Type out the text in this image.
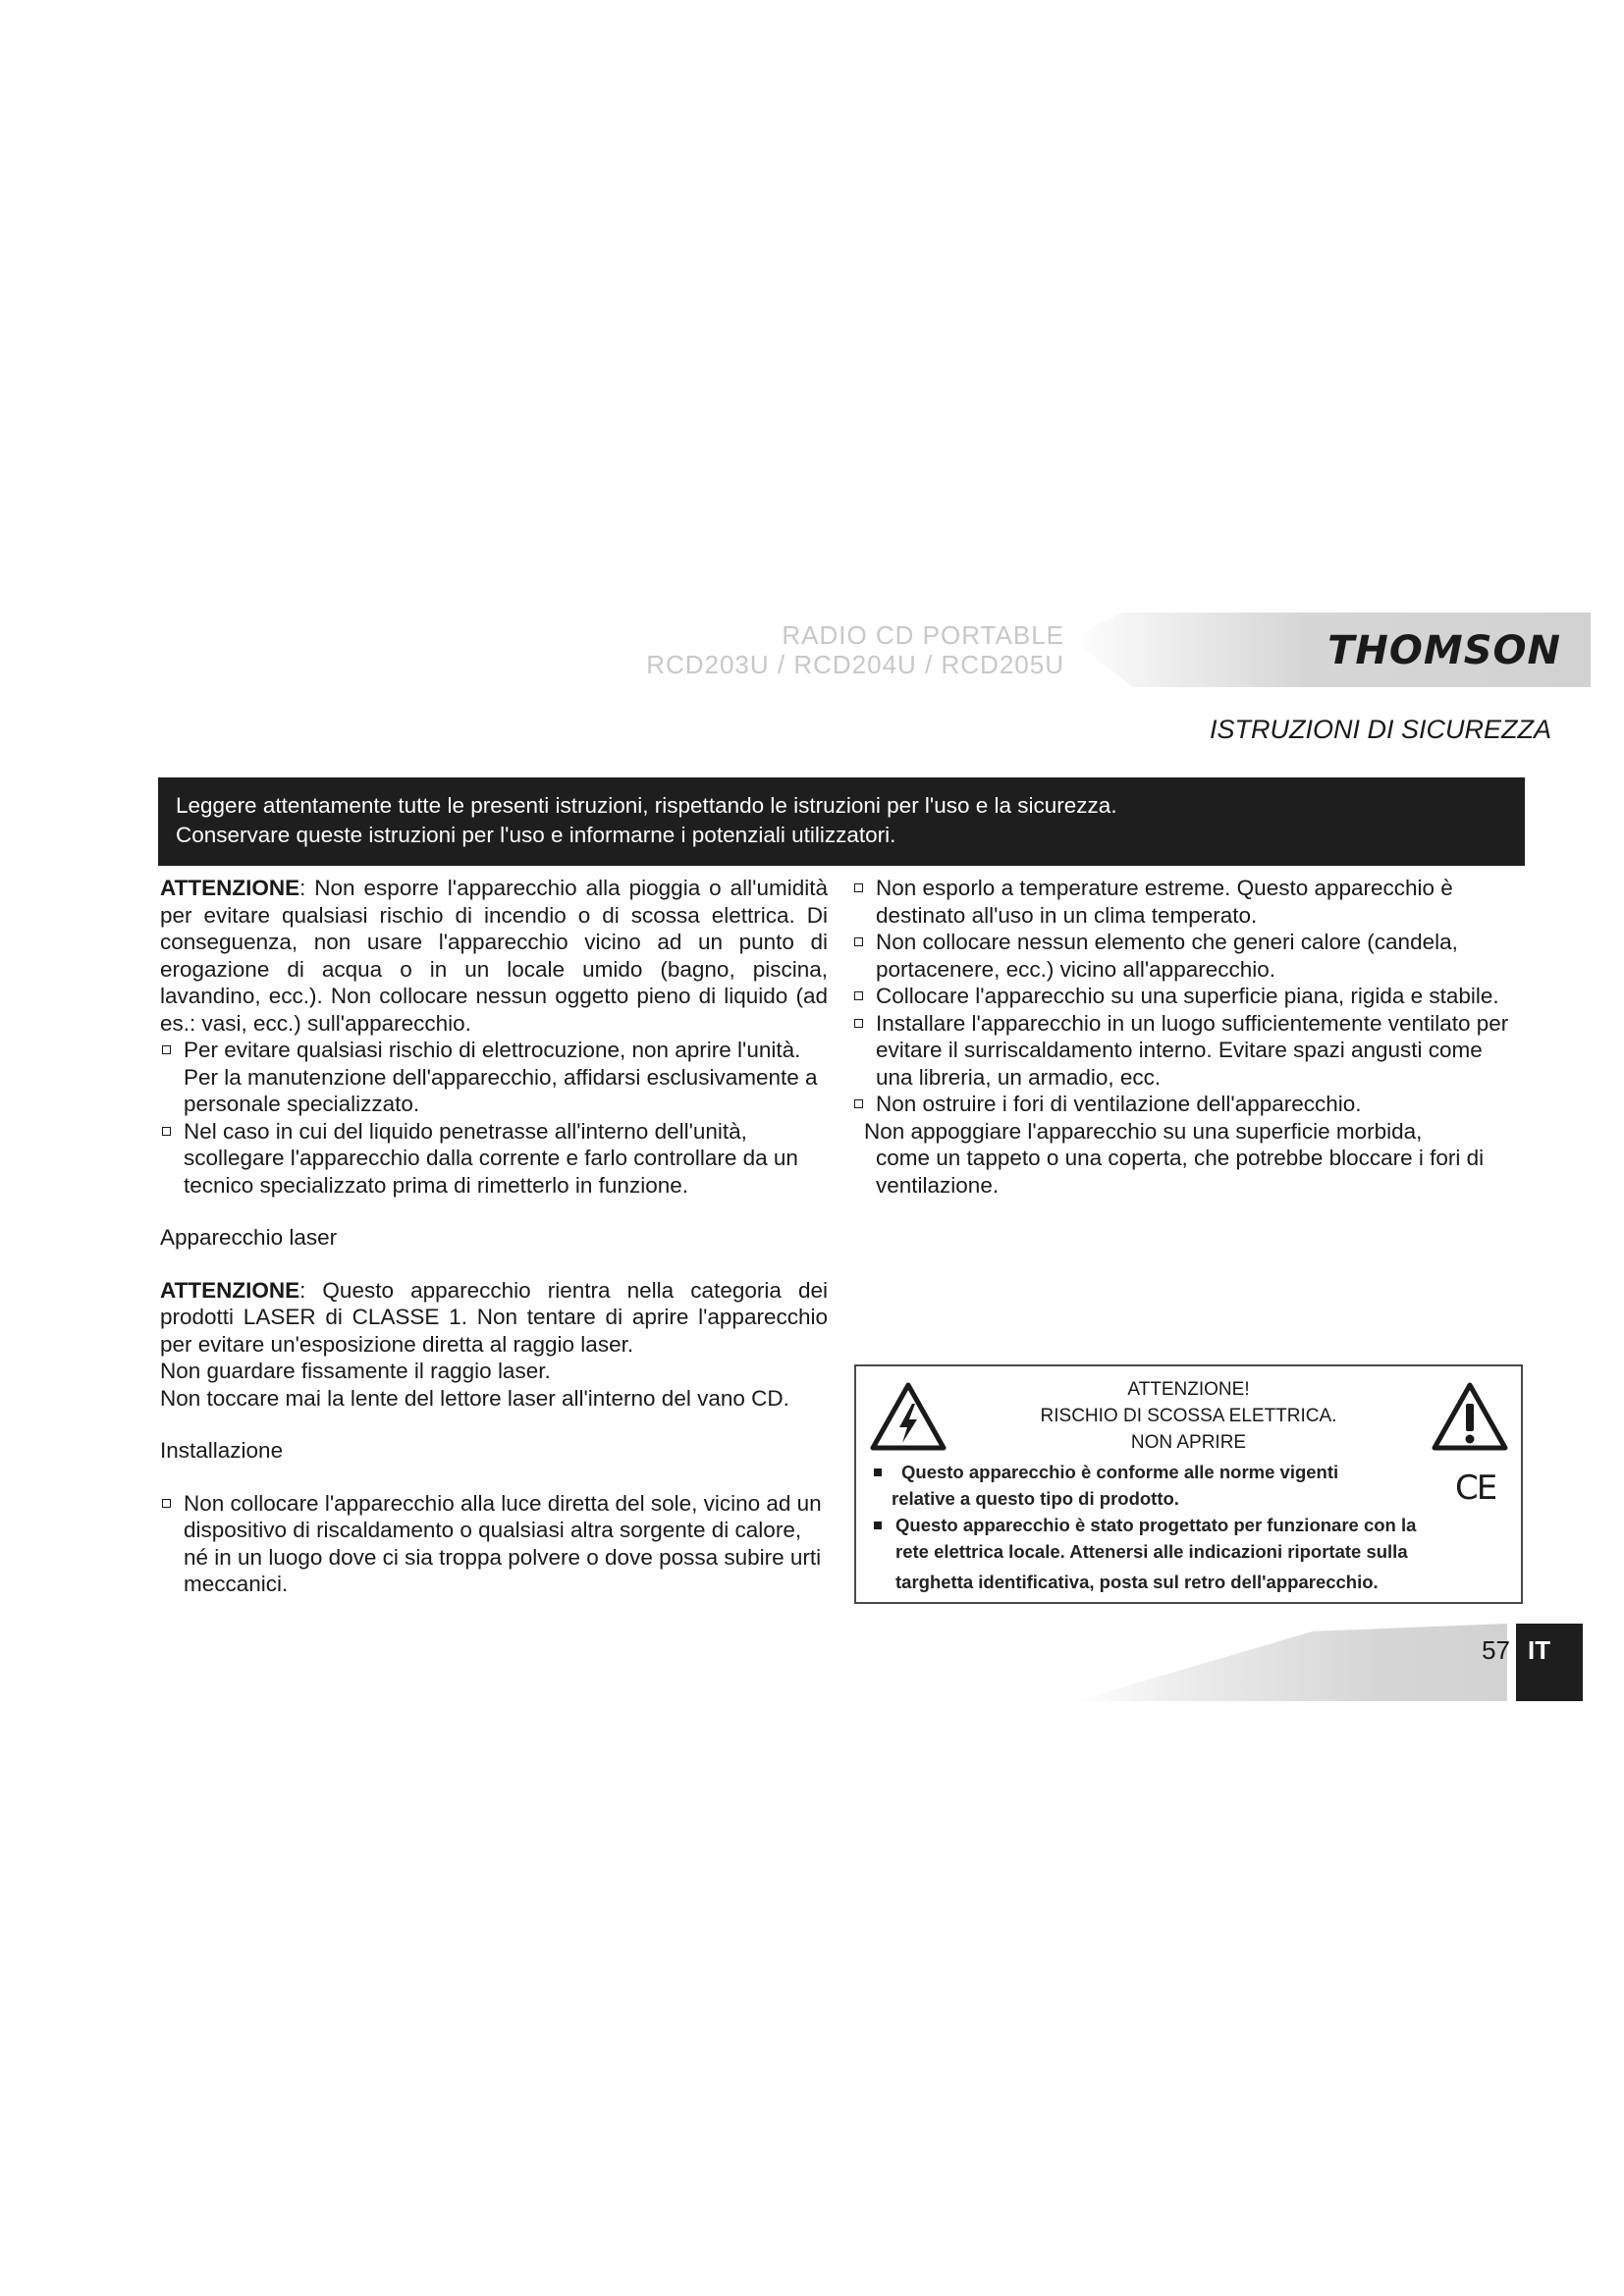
RADIO CD PORTABLE
RCD203U / RCD204U / RCD205U	THOMSON
ISTRUZIONI DI SICUREZZA
Leggere attentamente tutte le presenti istruzioni, rispettando le istruzioni per l'uso e la sicurezza.
Conservare queste istruzioni per l'uso e informarne i potenziali utilizzatori.
ATTENZIONE: Non esporre l'apparecchio alla pioggia o all'umidità per evitare qualsiasi rischio di incendio o di scossa elettrica. Di conseguenza, non usare l'apparecchio vicino ad un punto di erogazione di acqua o in un locale umido (bagno, piscina, lavandino, ecc.). Non collocare nessun oggetto pieno di liquido (ad es.: vasi, ecc.) sull'apparecchio.
Per evitare qualsiasi rischio di elettrocuzione, non aprire l'unità. Per la manutenzione dell'apparecchio, affidarsi esclusivamente a personale specializzato.
Nel caso in cui del liquido penetrasse all'interno dell'unità, scollegare l'apparecchio dalla corrente e farlo controllare da un tecnico specializzato prima di rimetterlo in funzione.
Apparecchio laser
ATTENZIONE: Questo apparecchio rientra nella categoria dei prodotti LASER di CLASSE 1. Non tentare di aprire l'apparecchio per evitare un'esposizione diretta al raggio laser.
Non guardare fissamente il raggio laser.
Non toccare mai la lente del lettore laser all'interno del vano CD.
Installazione
Non collocare l'apparecchio alla luce diretta del sole, vicino ad un dispositivo di riscaldamento o qualsiasi altra sorgente di calore, né in un luogo dove ci sia troppa polvere o dove possa subire urti meccanici.
Non esporlo a temperature estreme. Questo apparecchio è destinato all'uso in un clima temperato.
Non collocare nessun elemento che generi calore (candela, portacenere, ecc.) vicino all'apparecchio.
Collocare l'apparecchio su una superficie piana, rigida e stabile.
Installare l'apparecchio in un luogo sufficientemente ventilato per evitare il surriscaldamento interno. Evitare spazi angusti come una libreria, un armadio, ecc.
Non ostruire i fori di ventilazione dell'apparecchio.
Non appoggiare l'apparecchio su una superficie morbida,
come un tappeto o una coperta, che potrebbe bloccare i fori di ventilazione.
ATTENZIONE!
RISCHIO DI SCOSSA ELETTRICA.
NON APRIRE
Questo apparecchio è conforme alle norme vigenti
relative a questo tipo di prodotto.	CE
Questo apparecchio è stato progettato per funzionare con la
rete elettrica locale. Attenersi alle indicazioni riportate sulla
targhetta identificativa, posta sul retro dell'apparecchio.
57 IT
